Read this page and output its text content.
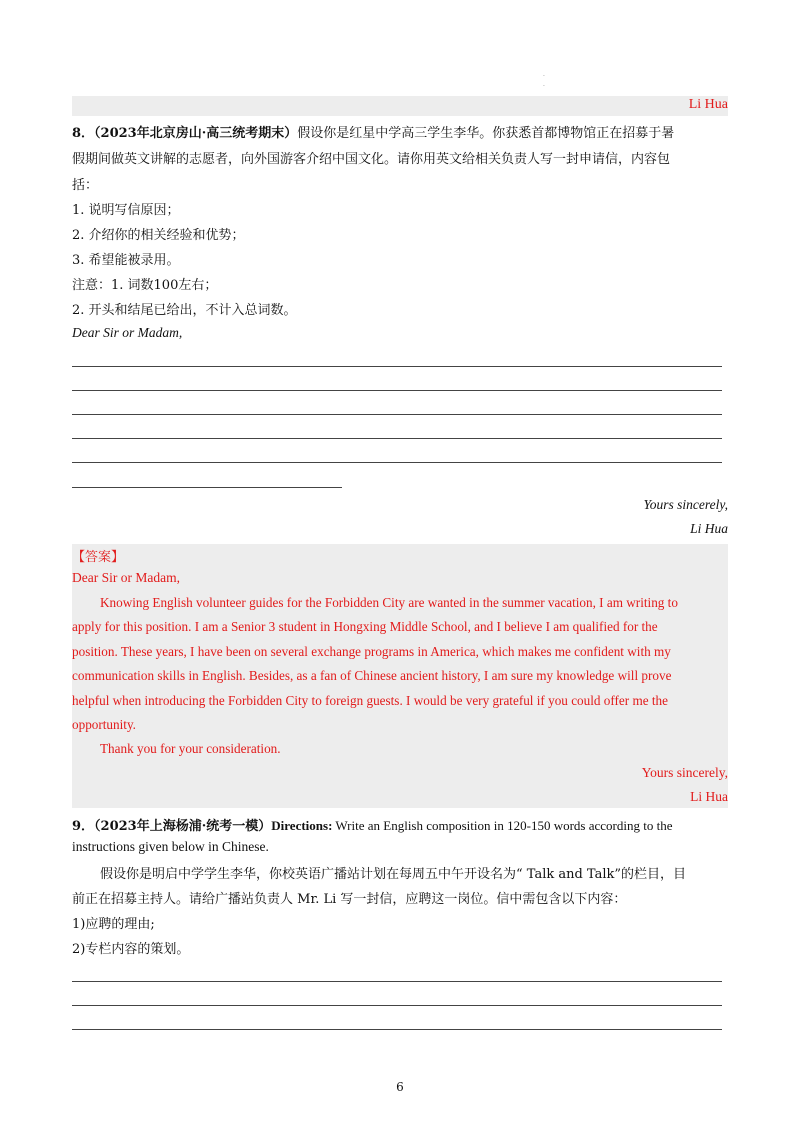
·
·
Li Hua
8．（2023年北京房山·高三统考期末）假设你是红星中学高三学生李华。你获悉首都博物馆正在招募于暑
假期间做英文讲解的志愿者，向外国游客介绍中国文化。请你用英文给相关负责人写一封申请信，内容包
括：
1. 说明写信原因；
2. 介绍你的相关经验和优势；
3. 希望能被录用。
注意：1. 词数100左右；
2. 开头和结尾已给出，不计入总词数。
Dear Sir or Madam,
Yours sincerely,
Li Hua
【答案】
Dear Sir or Madam,
Knowing English volunteer guides for the Forbidden City are wanted in the summer vacation, I am writing to
apply for this position. I am a Senior 3 student in Hongxing Middle School, and I believe I am qualified for the
position. These years, I have been on several exchange programs in America, which makes me confident with my
communication skills in English. Besides, as a fan of Chinese ancient history, I am sure my knowledge will prove
helpful when introducing the Forbidden City to foreign guests. I would be very grateful if you could offer me the
opportunity.
Thank you for your consideration.
Yours sincerely,
Li Hua
9．（2023年上海杨浦·统考一模）Directions: Write an English composition in 120-150 words according to the
instructions given below in Chinese.
假设你是明启中学学生李华，你校英语广播站计划在每周五中午开设名为“ Talk and Talk”的栏目，目
前正在招募主持人。请给广播站负责人 Mr. Li 写一封信，应聘这一岗位。信中需包含以下内容：
1)应聘的理由;
2)专栏内容的策划。
6
